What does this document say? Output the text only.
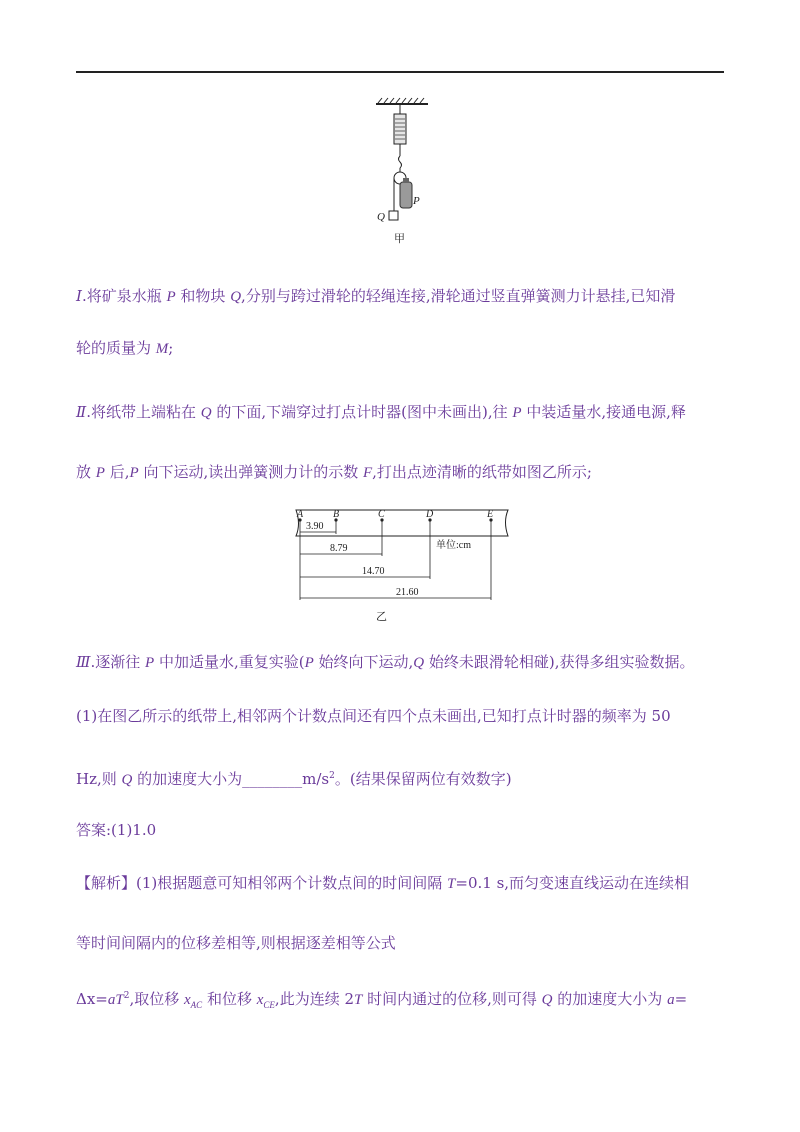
P
Q
甲
Ⅰ.将矿泉水瓶 P 和物块 Q,分别与跨过滑轮的轻绳连接,滑轮通过竖直弹簧测力计悬挂,已知滑
轮的质量为 M;
Ⅱ.将纸带上端粘在 Q 的下面,下端穿过打点计时器(图中未画出),往 P 中装适量水,接通电源,释
放 P 后,P 向下运动,读出弹簧测力计的示数 F,打出点迹清晰的纸带如图乙所示;
A	B	C	D	E
3.90
8.79
14.70
21.60
单位:cm
乙
Ⅲ.逐渐往 P 中加适量水,重复实验(P 始终向下运动,Q 始终未跟滑轮相碰),获得多组实验数据。
(1)在图乙所示的纸带上,相邻两个计数点间还有四个点未画出,已知打点计时器的频率为 50
Hz,则 Q 的加速度大小为$\_\_\_\_\_\_\_\_m/s^2$。(结果保留两位有效数字)
答案:(1)1.0
【解析】(1)根据题意可知相邻两个计数点间的时间间隔 T=0.1 s,而匀变速直线运动在连续相
等时间间隔内的位移差相等,则根据逐差相等公式
$\Delta x=aT^2$,取位移 $x_{AC}$ 和位移 $x_{CE}$,此为连续 2T 时间内通过的位移,则可得 Q 的加速度大小为 a=
